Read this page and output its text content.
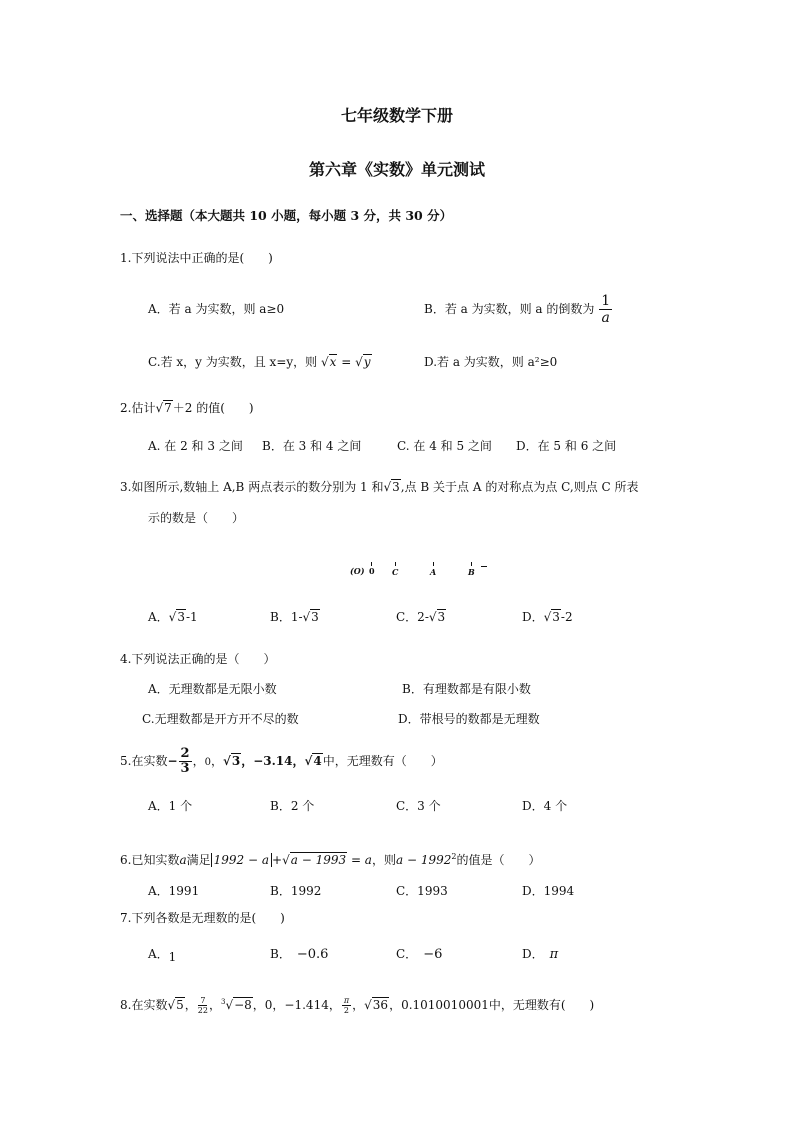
七年级数学下册
第六章《实数》单元测试
一、选择题（本大题共 10 小题，每小题 3 分，共 30 分）
1.下列说法中正确的是(　　)
A．若 a 为实数，则 a≥0	B．若 a 为实数，则 a 的倒数为 $\frac{1}{a}$
C.若 x，y 为实数，且 x=y，则 √x = √y	D.若 a 为实数，则 a²≥0
2.估计√7＋2 的值(　　)
A. 在 2 和 3 之间 B．在 3 和 4 之间	C. 在 4 和 5 之间 D．在 5 和 6 之间
3.如图所示,数轴上 A,B 两点表示的数分别为 1 和√3,点 B 关于点 A 的对称点为点 C,则点 C 所表
示的数是（　　）
(O) 0 C	A	B
A．√3-1	B．1-√3	C．2-√3	D．√3-2
4.下列说法正确的是（　　）
A．无理数都是无限小数	B．有理数都是有限小数
C.无理数都是开方开不尽的数	D．带根号的数都是无理数
5.在实数− $\frac{2}{3}$ ，0，√3，−3.14，√4中，无理数有（　　）
A．1 个	B．2 个	C．3 个	D．4 个
6.已知实数a满足 1992 − a +√a − 1993 = a，则$a - 1992^2$的值是（　　）
A．1991	B．1992	C．1993	D．1994
7.下列各数是无理数的是(　　)
A．1	B． −0.6	C． −6	D． π
8.在实数√5， $\frac{7}{22}$ ，$^3$√−8，0，−1.414， $\frac{\pi}{2}$ ，√36，0.1010010001中，无理数有(　　)
